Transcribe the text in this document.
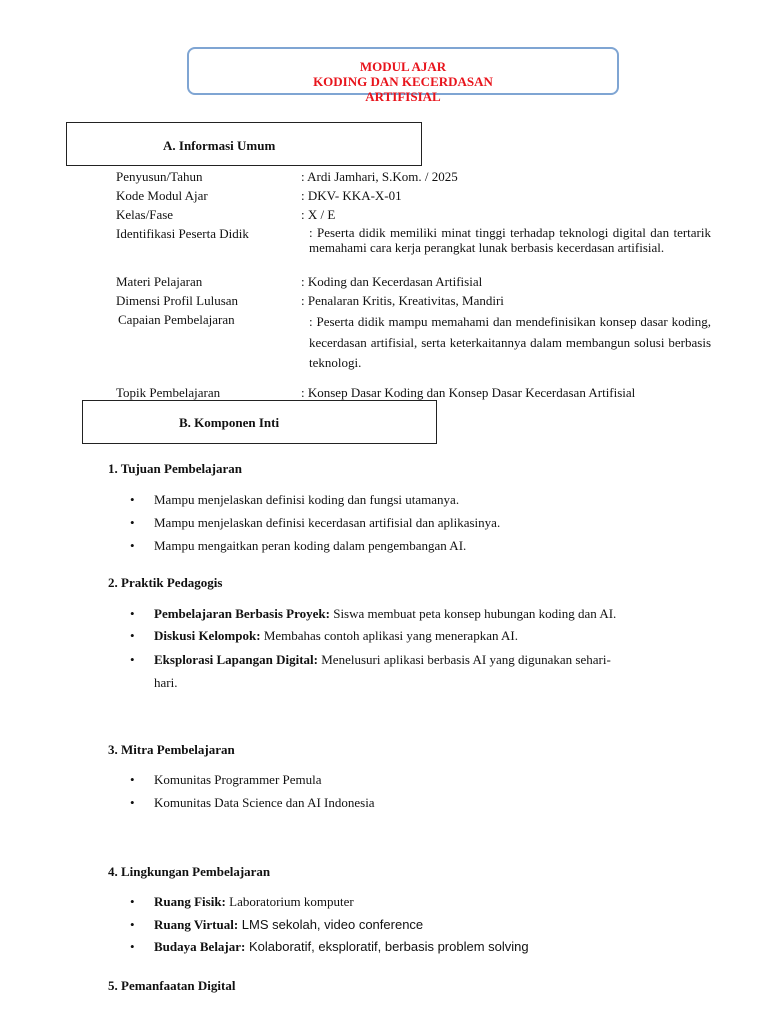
MODUL AJAR
KODING DAN KECERDASAN
ARTIFISIAL
A. Informasi Umum
Penyusun/Tahun	: Ardi Jamhari, S.Kom. / 2025
Kode Modul Ajar	: DKV- KKA-X-01
Kelas/Fase	: X / E
Identifikasi Peserta Didik	: Peserta didik memiliki minat tinggi terhadap teknologi digital dan tertarik memahami cara kerja perangkat lunak berbasis kecerdasan artifisial.
Materi Pelajaran	: Koding dan Kecerdasan Artifisial
Dimensi Profil Lulusan	: Penalaran Kritis, Kreativitas, Mandiri
Capaian Pembelajaran	: Peserta didik mampu memahami dan mendefinisikan konsep dasar koding, kecerdasan artifisial, serta keterkaitannya dalam membangun solusi berbasis teknologi.
Topik Pembelajaran	: Konsep Dasar Koding dan Konsep Dasar Kecerdasan Artifisial
B. Komponen Inti
1. Tujuan Pembelajaran
• Mampu menjelaskan definisi koding dan fungsi utamanya.
• Mampu menjelaskan definisi kecerdasan artifisial dan aplikasinya.
• Mampu mengaitkan peran koding dalam pengembangan AI.
2. Praktik Pedagogis
• Pembelajaran Berbasis Proyek: Siswa membuat peta konsep hubungan koding dan AI.
• Diskusi Kelompok: Membahas contoh aplikasi yang menerapkan AI.
• Eksplorasi Lapangan Digital: Menelusuri aplikasi berbasis AI yang digunakan sehari-
hari.
3. Mitra Pembelajaran
• Komunitas Programmer Pemula
• Komunitas Data Science dan AI Indonesia
4. Lingkungan Pembelajaran
• Ruang Fisik: Laboratorium komputer
• Ruang Virtual: LMS sekolah, video conference
• Budaya Belajar: Kolaboratif, eksploratif, berbasis problem solving
5. Pemanfaatan Digital
